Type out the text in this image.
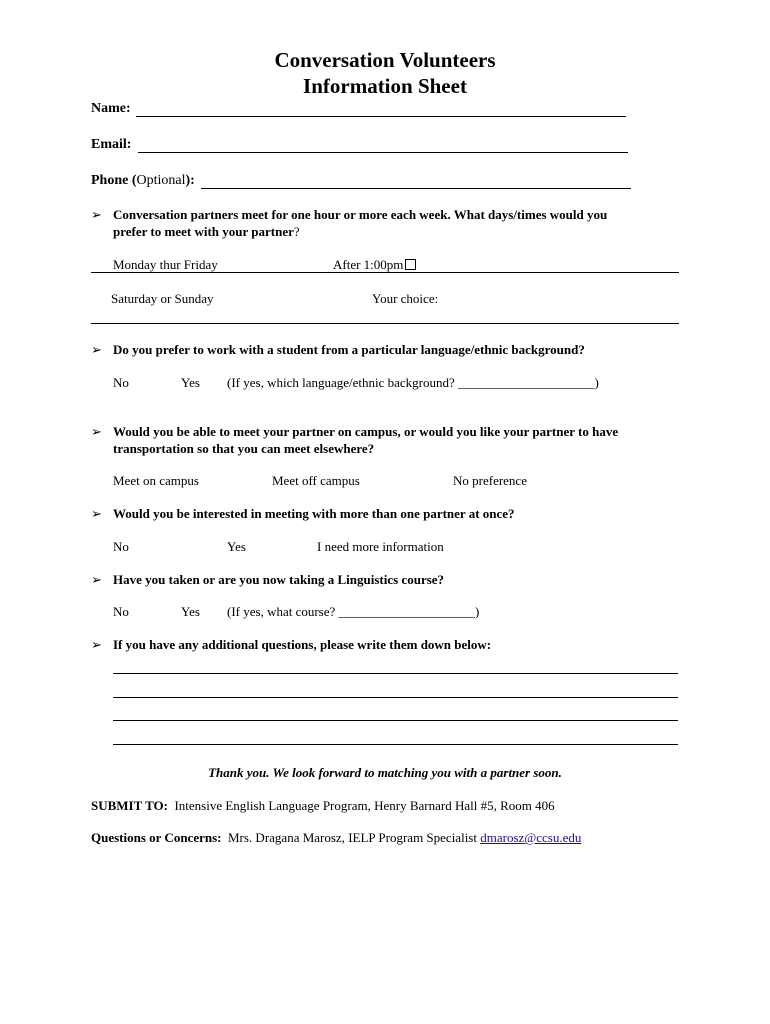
Conversation Volunteers
Information Sheet
Name:
Email:
Phone (Optional):
➢ Conversation partners meet for one hour or more each week. What days/times would you
prefer to meet with your partner?
Monday thur Friday	After 1:00pm
Saturday or Sunday	Your choice:
➢ Do you prefer to work with a student from a particular language/ethnic background?
No	Yes (If yes, which language/ethnic background? _____________________)
➢ Would you be able to meet your partner on campus, or would you like your partner to have
transportation so that you can meet elsewhere?
Meet on campus	Meet off campus	No preference
➢ Would you be interested in meeting with more than one partner at once?
No	Yes	I need more information
➢ Have you taken or are you now taking a Linguistics course?
No	Yes (If yes, what course? _____________________)
➢ If you have any additional questions, please write them down below:
Thank you. We look forward to matching you with a partner soon.
SUBMIT TO: Intensive English Language Program, Henry Barnard Hall #5, Room 406
Questions or Concerns: Mrs. Dragana Marosz, IELP Program Specialist dmarosz@ccsu.edu
